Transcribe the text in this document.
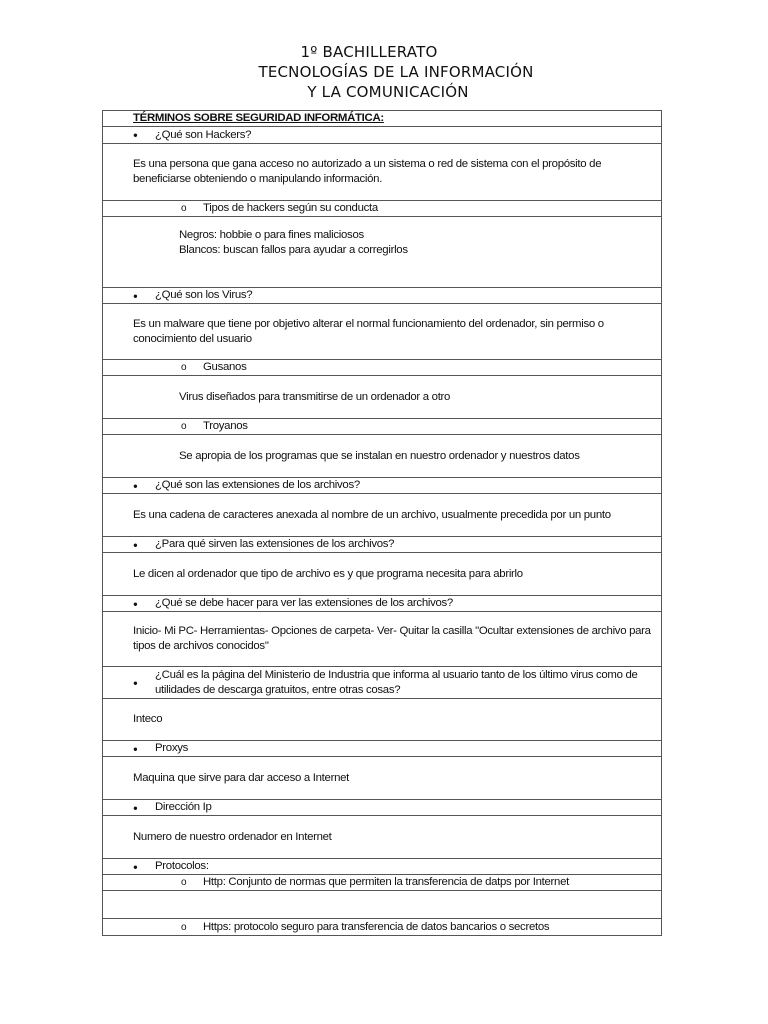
1º BACHILLERATO
TECNOLOGÍAS DE LA INFORMACIÓN
Y LA COMUNICACIÓN
TÉRMINOS SOBRE SEGURIDAD INFORMÁTICA:

●	¿Qué son Hackers?

Es una persona que gana acceso no autorizado a un sistema o red de sistema con el propósito de beneficiarse obteniendo o manipulando información.

o	Tipos de hackers según su conducta

Negros: hobbie o para fines maliciosos
Blancos: buscan fallos para ayudar a corregirlos

●	¿Qué son los Virus?

Es un malware que tiene por objetivo alterar el normal funcionamiento del ordenador, sin permiso o conocimiento del usuario

o	Gusanos

Virus diseñados para transmitirse de un ordenador a otro

o	Troyanos

Se apropia de los programas que se instalan en nuestro ordenador y nuestros datos

●	¿Qué son las extensiones de los archivos?

Es una cadena de caracteres anexada al nombre de un archivo, usualmente precedida por un punto

●	¿Para qué sirven las extensiones de los archivos?

Le dicen al ordenador que tipo de archivo es y que programa necesita para abrirlo

●	¿Qué se debe hacer para ver las extensiones de los archivos?

Inicio- Mi PC- Herramientas- Opciones de carpeta- Ver- Quitar la casilla "Ocultar extensiones de archivo para tipos de archivos conocidos"

●
¿Cuál es la página del Ministerio de Industria que informa al usuario tanto de los último virus como de utilidades de descarga gratuitos, entre otras cosas?

Inteco

●	Proxys

Maquina que sirve para dar acceso a Internet

●	Dirección Ip

Numero de nuestro ordenador en Internet

●	Protocolos:

o	Http: Conjunto de normas que permiten la transferencia de datps por Internet

o	Https: protocolo seguro para transferencia de datos bancarios o secretos
